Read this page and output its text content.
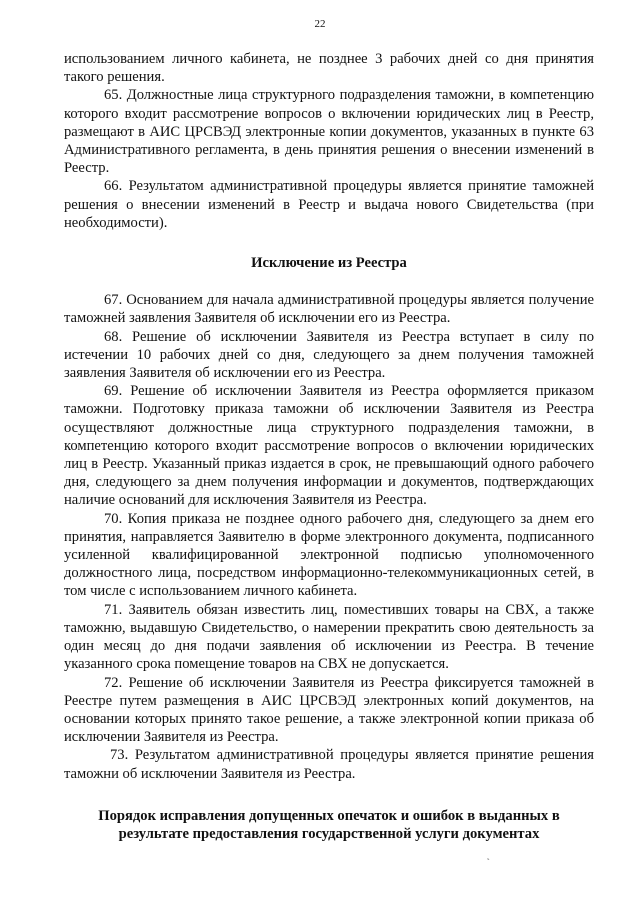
22

использованием личного кабинета, не позднее 3 рабочих дней со дня принятия такого решения.

65. Должностные лица структурного подразделения таможни, в компетенцию которого входит рассмотрение вопросов о включении юридических лиц в Реестр, размещают в АИС ЦРСВЭД электронные копии документов, указанных в пункте 63 Административного регламента, в день принятия решения о внесении изменений в Реестр.

66. Результатом административной процедуры является принятие таможней решения о внесении изменений в Реестр и выдача нового Свидетельства (при необходимости).

Исключение из Реестра

67. Основанием для начала административной процедуры является получение таможней заявления Заявителя об исключении его из Реестра.

68. Решение об исключении Заявителя из Реестра вступает в силу по истечении 10 рабочих дней со дня, следующего за днем получения таможней заявления Заявителя об исключении его из Реестра.

69. Решение об исключении Заявителя из Реестра оформляется приказом таможни. Подготовку приказа таможни об исключении Заявителя из Реестра осуществляют должностные лица структурного подразделения таможни, в компетенцию которого входит рассмотрение вопросов о включении юридических лиц в Реестр. Указанный приказ издается в срок, не превышающий одного рабочего дня, следующего за днем получения информации и документов, подтверждающих наличие оснований для исключения Заявителя из Реестра.

70. Копия приказа не позднее одного рабочего дня, следующего за днем его принятия, направляется Заявителю в форме электронного документа, подписанного усиленной квалифицированной электронной подписью уполномоченного должностного лица, посредством информационно-телекоммуникационных сетей, в том числе с использованием личного кабинета.

71. Заявитель обязан известить лиц, поместивших товары на СВХ, а также таможню, выдавшую Свидетельство, о намерении прекратить свою деятельность за один месяц до дня подачи заявления об исключении из Реестра. В течение указанного срока помещение товаров на СВХ не допускается.

72. Решение об исключении Заявителя из Реестра фиксируется таможней в Реестре путем размещения в АИС ЦРСВЭД электронных копий документов, на основании которых принято такое решение, а также электронной копии приказа об исключении Заявителя из Реестра.

73. Результатом административной процедуры является принятие решения таможни об исключении Заявителя из Реестра.

Порядок исправления допущенных опечаток и ошибок в выданных в результате предоставления государственной услуги документах

˛
